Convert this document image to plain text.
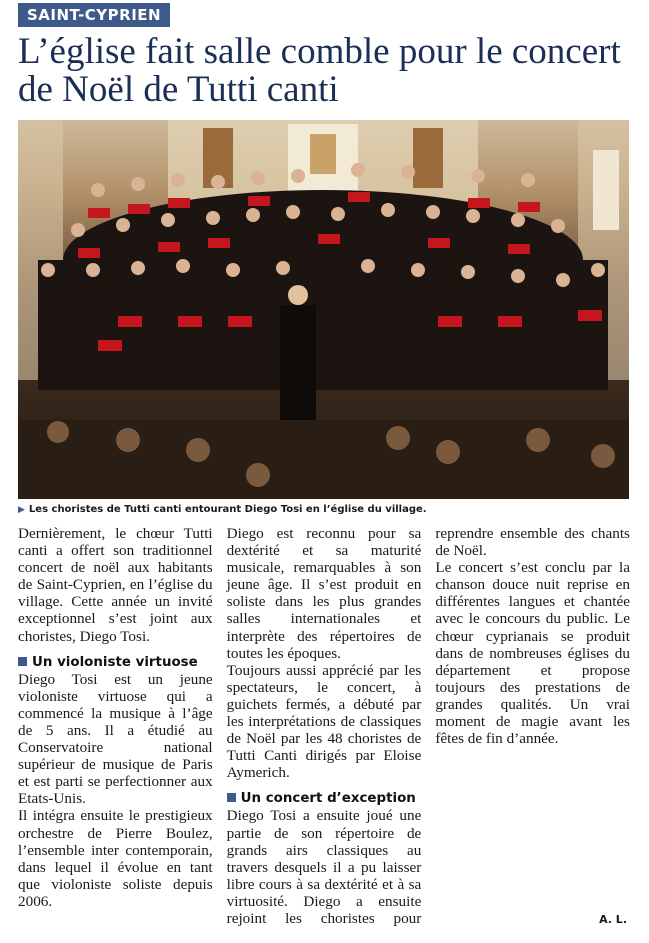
SAINT-CYPRIEN
L’église fait salle comble pour le concert de Noël de Tutti canti
▶ Les choristes de Tutti canti entourant Diego Tosi en l’église du village.

Dernièrement, le chœur Tutti canti a offert son traditionnel concert de noël aux habitants de Saint-Cyprien, en l’église du village. Cette année un invité exceptionnel s’est joint aux choristes, Diego Tosi.

Un violoniste virtuose

Diego Tosi est un jeune violoniste virtuose qui a commencé la musique à l’âge de 5 ans. Il a étudié au Conservatoire national supérieur de musique de Paris et est parti se perfectionner aux Etats-Unis.

Il intégra ensuite le prestigieux orchestre de Pierre Boulez, l’ensemble inter contemporain, dans lequel il évolue en tant que violoniste soliste depuis 2006.

Diego est reconnu pour sa dextérité et sa maturité musicale, remarquables à son jeune âge. Il s’est produit en soliste dans les plus grandes salles internationales et interprète des répertoires de toutes les époques.

Toujours aussi apprécié par les spectateurs, le concert, à guichets fermés, a débuté par les interprétations de classiques de Noël par les 48 choristes de Tutti Canti dirigés par Eloise Aymerich.

Un concert d’exception

Diego Tosi a ensuite joué une partie de son répertoire de grands airs classiques au travers desquels il a pu laisser libre cours à sa dextérité et à sa virtuosité. Diego a ensuite rejoint les choristes pour reprendre ensemble des chants de Noël.

Le concert s’est conclu par la chanson douce nuit reprise en différentes langues et chantée avec le concours du public. Le chœur cyprianais se produit dans de nombreuses églises du département et propose toujours des prestations de grandes qualités. Un vrai moment de magie avant les fêtes de fin d’année.

A. L.
